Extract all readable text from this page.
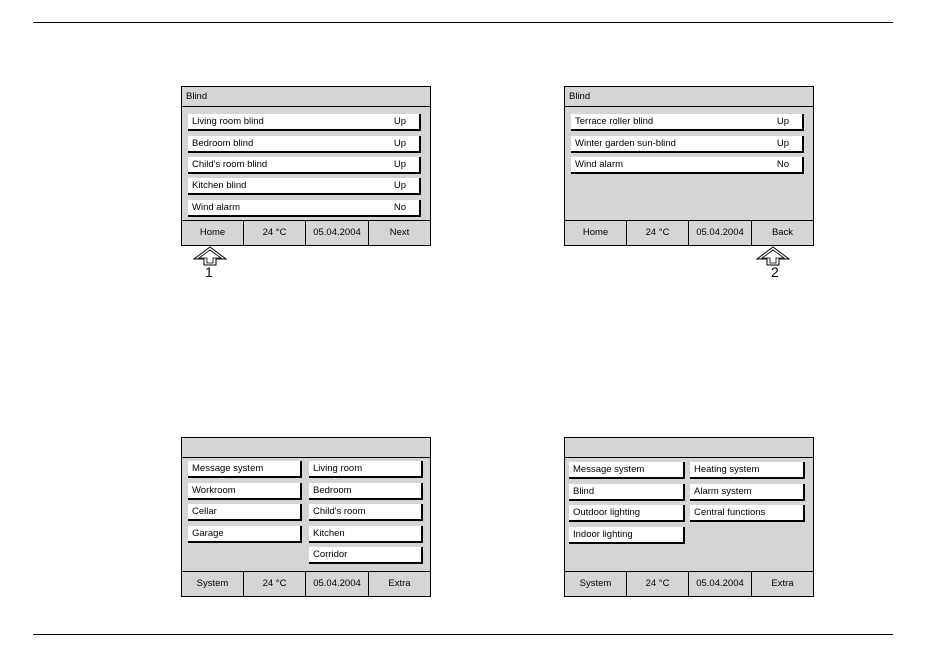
Blind
Living room blind	Up
Bedroom blind	Up
Child's room blind	Up
Kitchen blind	Up
Wind alarm	No
Home	24 °C	05.04.2004	Next
1
Blind
Terrace roller blind	Up
Winter garden sun-blind	Up
Wind alarm	No
Home	24 °C	05.04.2004	Back
2
Message system
Workroom
Cellar
Garage
Living room
Bedroom
Child's room
Kitchen
Corridor
System	24 °C	05.04.2004	Extra
Message system
Blind
Outdoor lighting
Indoor lighting
Heating system
Alarm system
Central functions
System	24 °C	05.04.2004	Extra
